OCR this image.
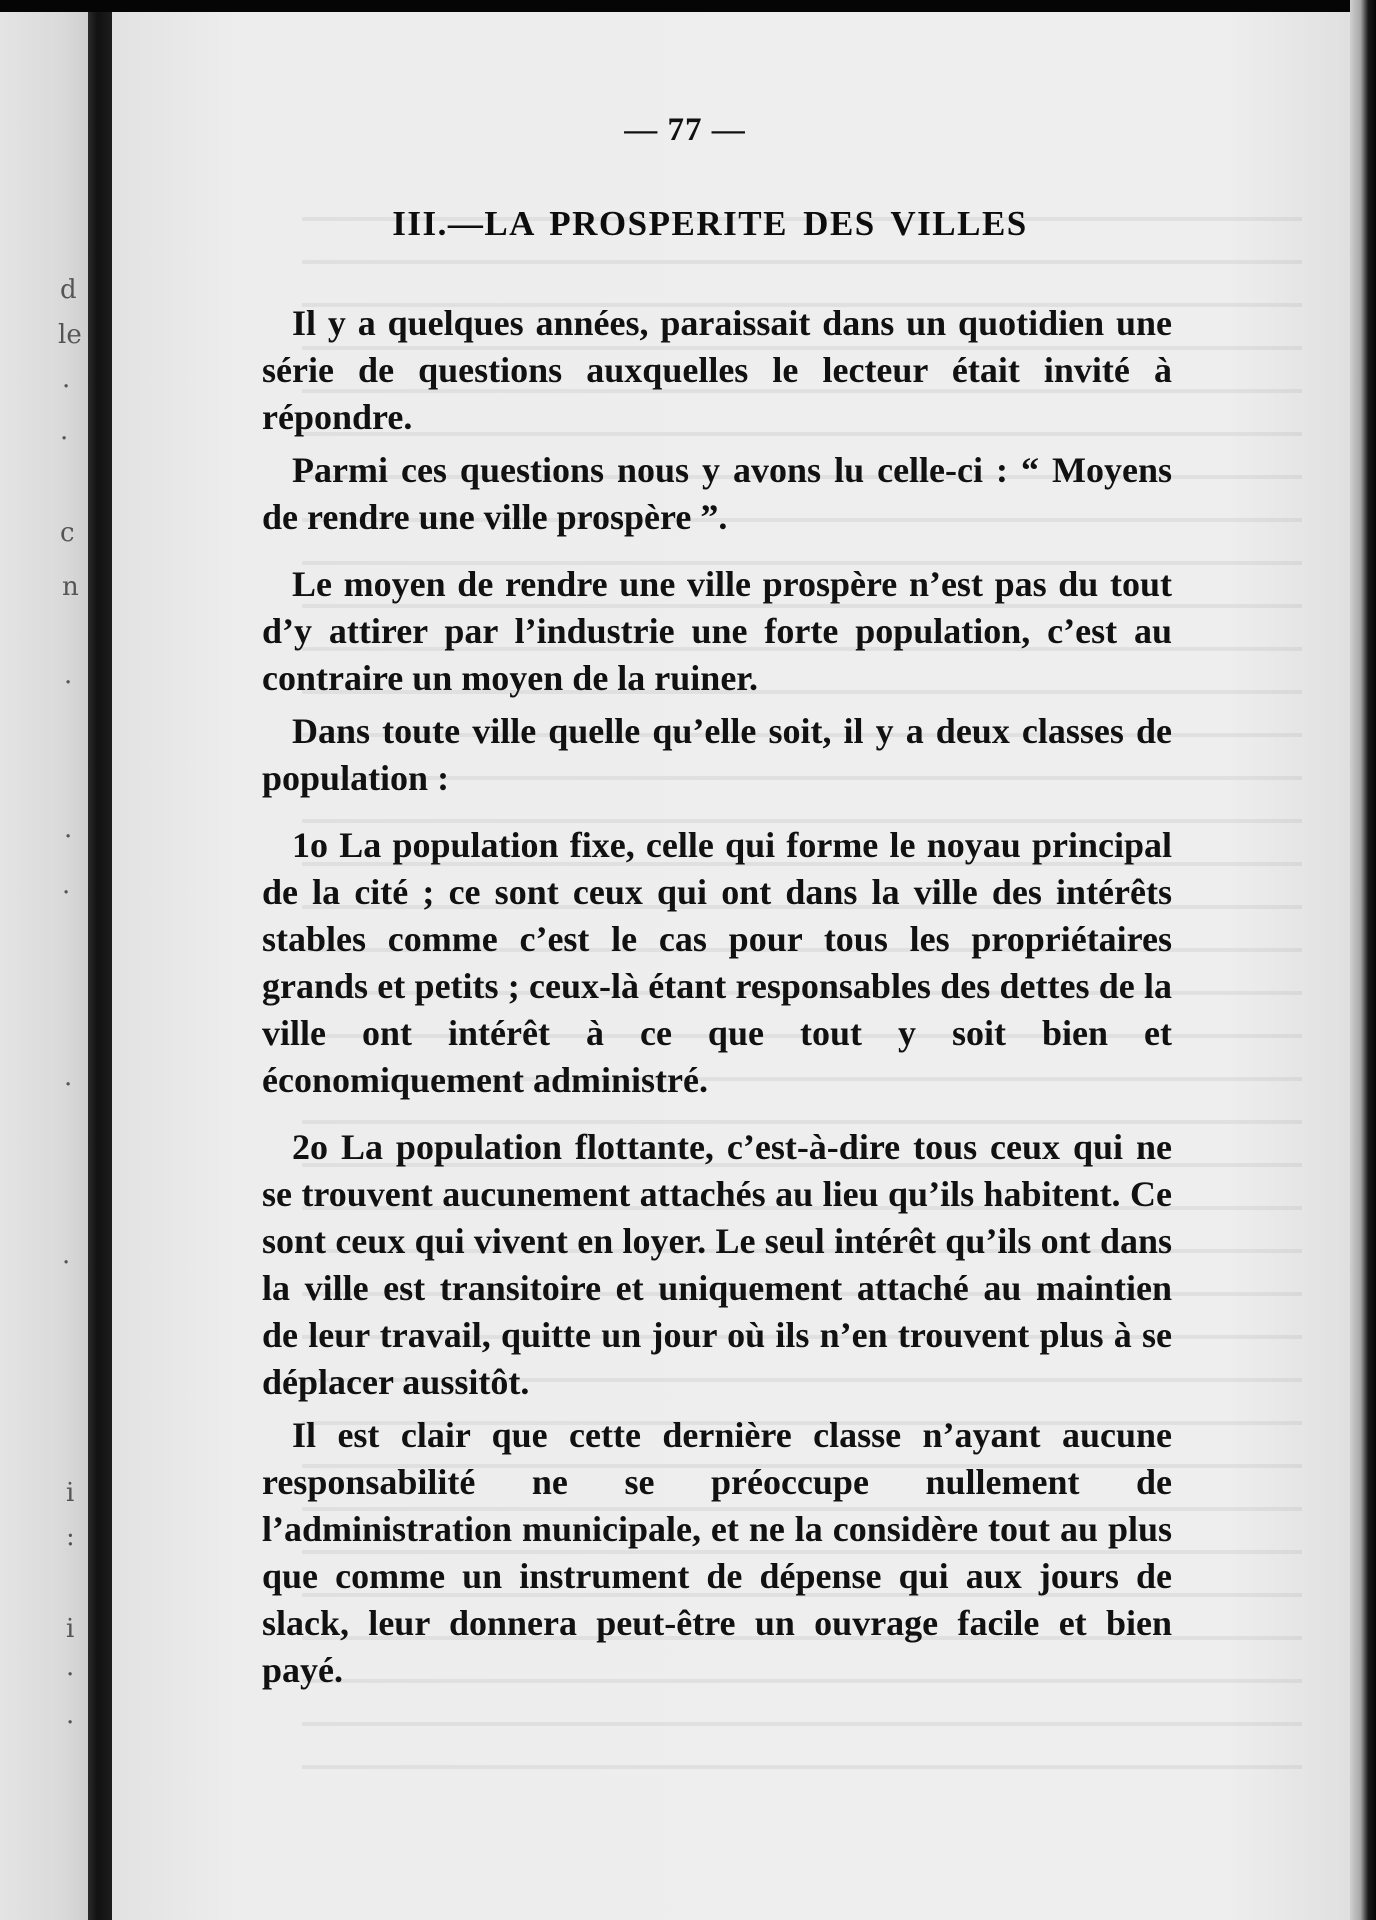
d
le
·
·
c
n
·
·
·
·
·
i
:
i
·
·
— 77 —
III.—LA PROSPERITE DES VILLES

Il y a quelques années, paraissait dans un quotidien une série de questions auxquelles le lecteur était invité à répondre.

Parmi ces questions nous y avons lu celle-ci : “ Moyens de rendre une ville prospère ”.

Le moyen de rendre une ville prospère n’est pas du tout d’y attirer par l’industrie une forte population, c’est au contraire un moyen de la ruiner.

Dans toute ville quelle qu’elle soit, il y a deux classes de population :

1o La population fixe, celle qui forme le noyau principal de la cité ; ce sont ceux qui ont dans la ville des intérêts stables comme c’est le cas pour tous les propriétaires grands et petits ; ceux-là étant responsables des dettes de la ville ont intérêt à ce que tout y soit bien et économiquement administré.

2o La population flottante, c’est-à-dire tous ceux qui ne se trouvent aucunement attachés au lieu qu’ils habitent. Ce sont ceux qui vivent en loyer. Le seul intérêt qu’ils ont dans la ville est transitoire et uniquement attaché au maintien de leur travail, quitte un jour où ils n’en trouvent plus à se déplacer aussitôt.

Il est clair que cette dernière classe n’ayant aucune responsabilité ne se préoccupe nullement de l’administration municipale, et ne la considère tout au plus que comme un instrument de dépense qui aux jours de slack, leur donnera peut-être un ouvrage facile et bien payé.
